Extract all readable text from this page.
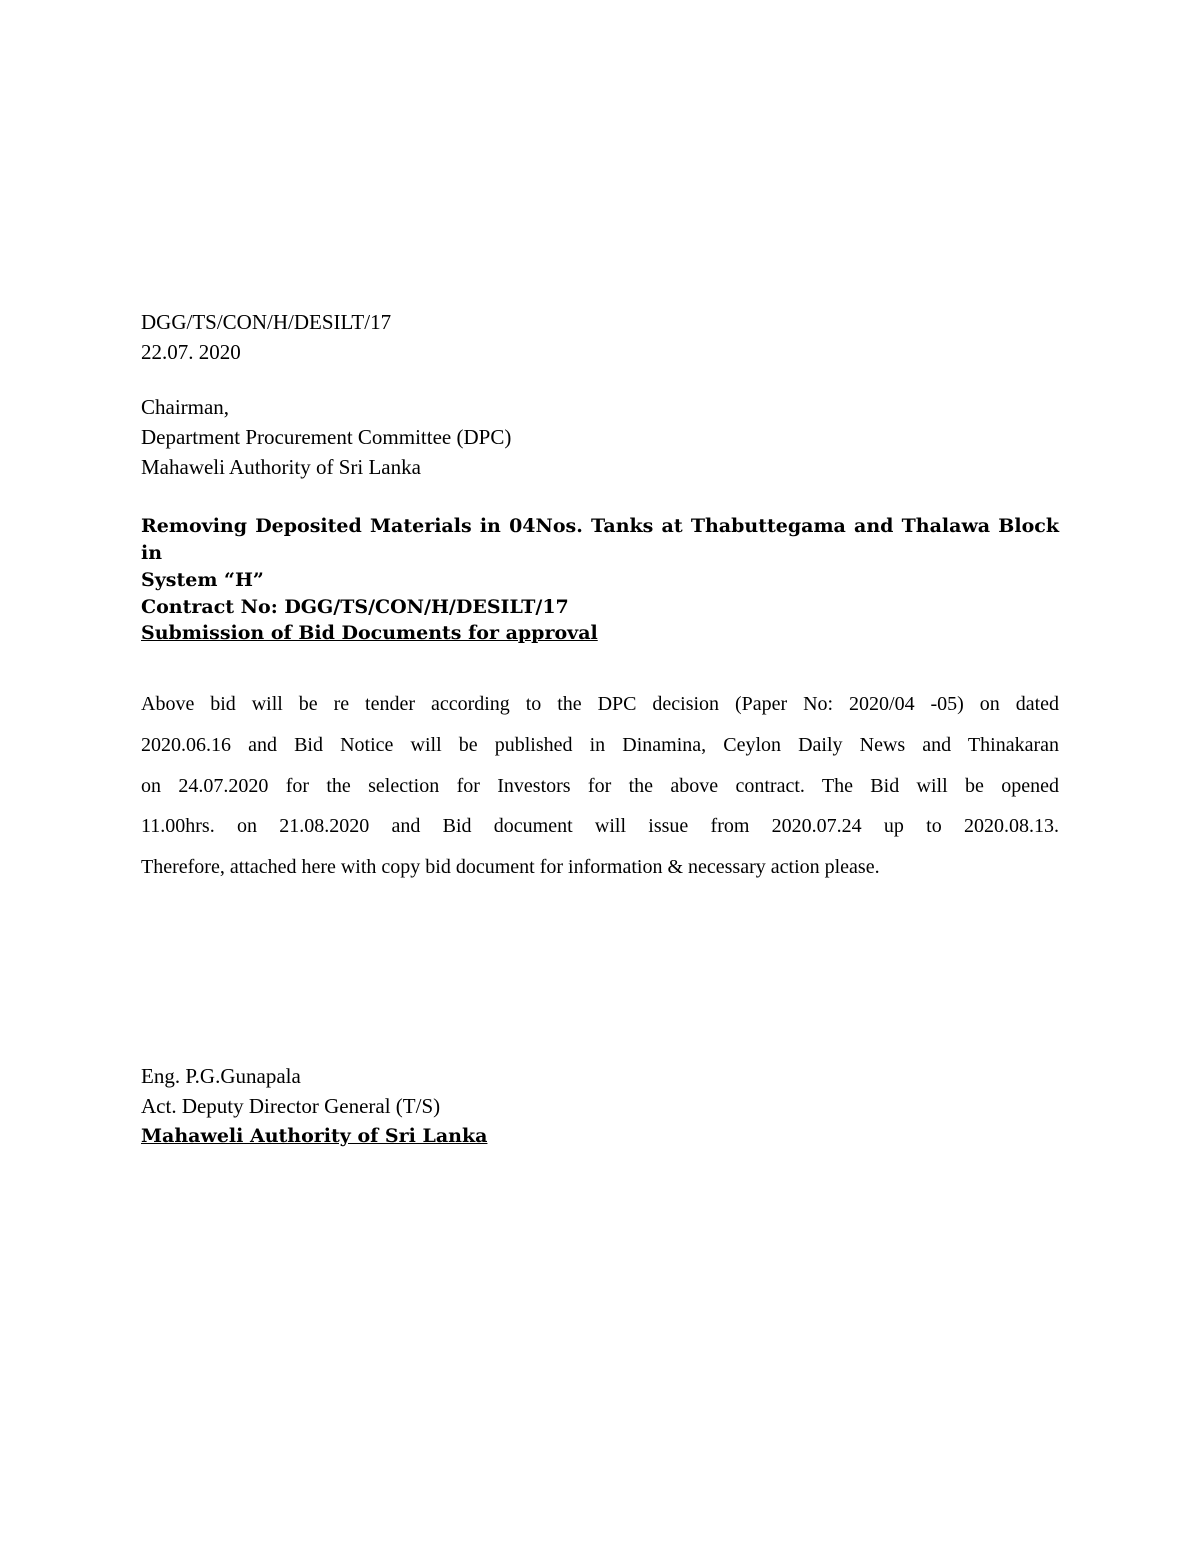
DGG/TS/CON/H/DESILT/17
22.07. 2020
Chairman,
Department Procurement Committee (DPC)
Mahaweli Authority of Sri Lanka
Removing Deposited Materials in 04Nos. Tanks at Thabuttegama and Thalawa Block in
System “H”
Contract No: DGG/TS/CON/H/DESILT/17
Submission of Bid Documents for approval
Above bid will be re tender according to the DPC decision (Paper No: 2020/04 -05) on dated
2020.06.16 and Bid Notice will be published in Dinamina, Ceylon Daily News and Thinakaran
on 24.07.2020 for the selection for Investors for the above contract. The Bid will be opened
11.00hrs. on 21.08.2020 and Bid document will issue from 2020.07.24 up to 2020.08.13.
Therefore, attached here with copy bid document for information & necessary action please.
Eng. P.G.Gunapala
Act. Deputy Director General (T/S)
Mahaweli Authority of Sri Lanka
